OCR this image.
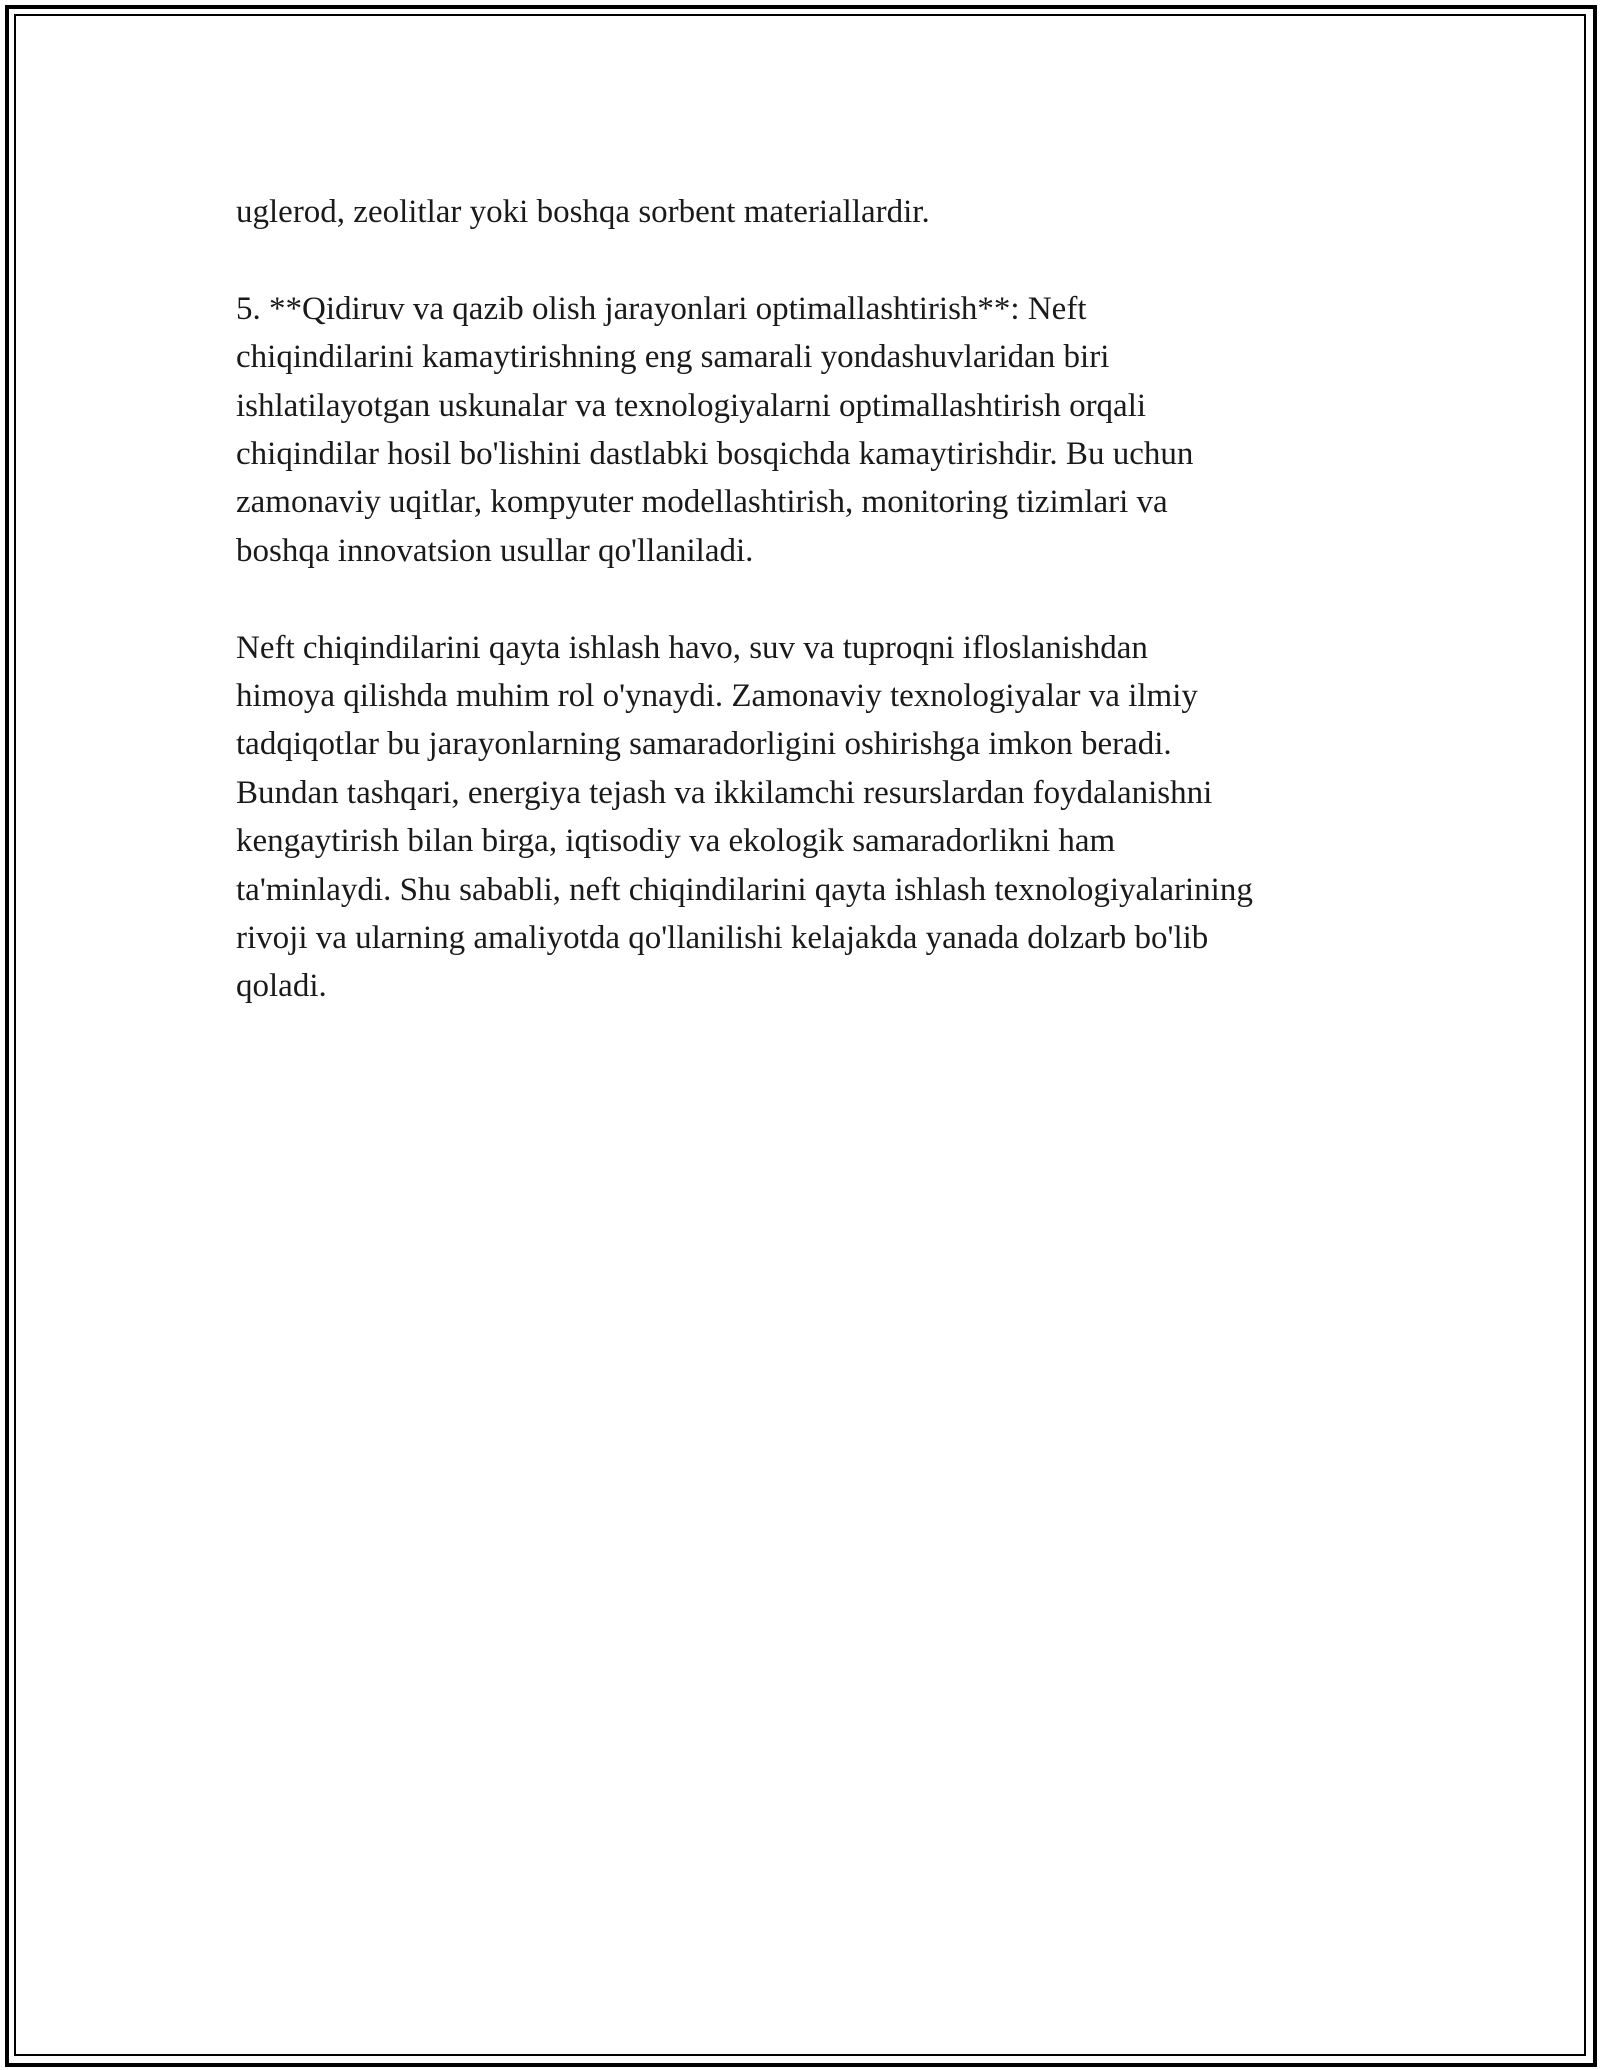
uglerod, zeolitlar yoki boshqa sorbent materiallardir.

5. **Qidiruv va qazib olish jarayonlari optimallashtirish**: Neft
chiqindilarini kamaytirishning eng samarali yondashuvlaridan biri
ishlatilayotgan uskunalar va texnologiyalarni optimallashtirish orqali
chiqindilar hosil bo'lishini dastlabki bosqichda kamaytirishdir. Bu uchun
zamonaviy uqitlar, kompyuter modellashtirish, monitoring tizimlari va
boshqa innovatsion usullar qo'llaniladi.

Neft chiqindilarini qayta ishlash havo, suv va tuproqni ifloslanishdan
himoya qilishda muhim rol o'ynaydi. Zamonaviy texnologiyalar va ilmiy
tadqiqotlar bu jarayonlarning samaradorligini oshirishga imkon beradi.
Bundan tashqari, energiya tejash va ikkilamchi resurslardan foydalanishni
kengaytirish bilan birga, iqtisodiy va ekologik samaradorlikni ham
ta'minlaydi. Shu sababli, neft chiqindilarini qayta ishlash texnologiyalarining
rivoji va ularning amaliyotda qo'llanilishi kelajakda yanada dolzarb bo'lib
qoladi.
